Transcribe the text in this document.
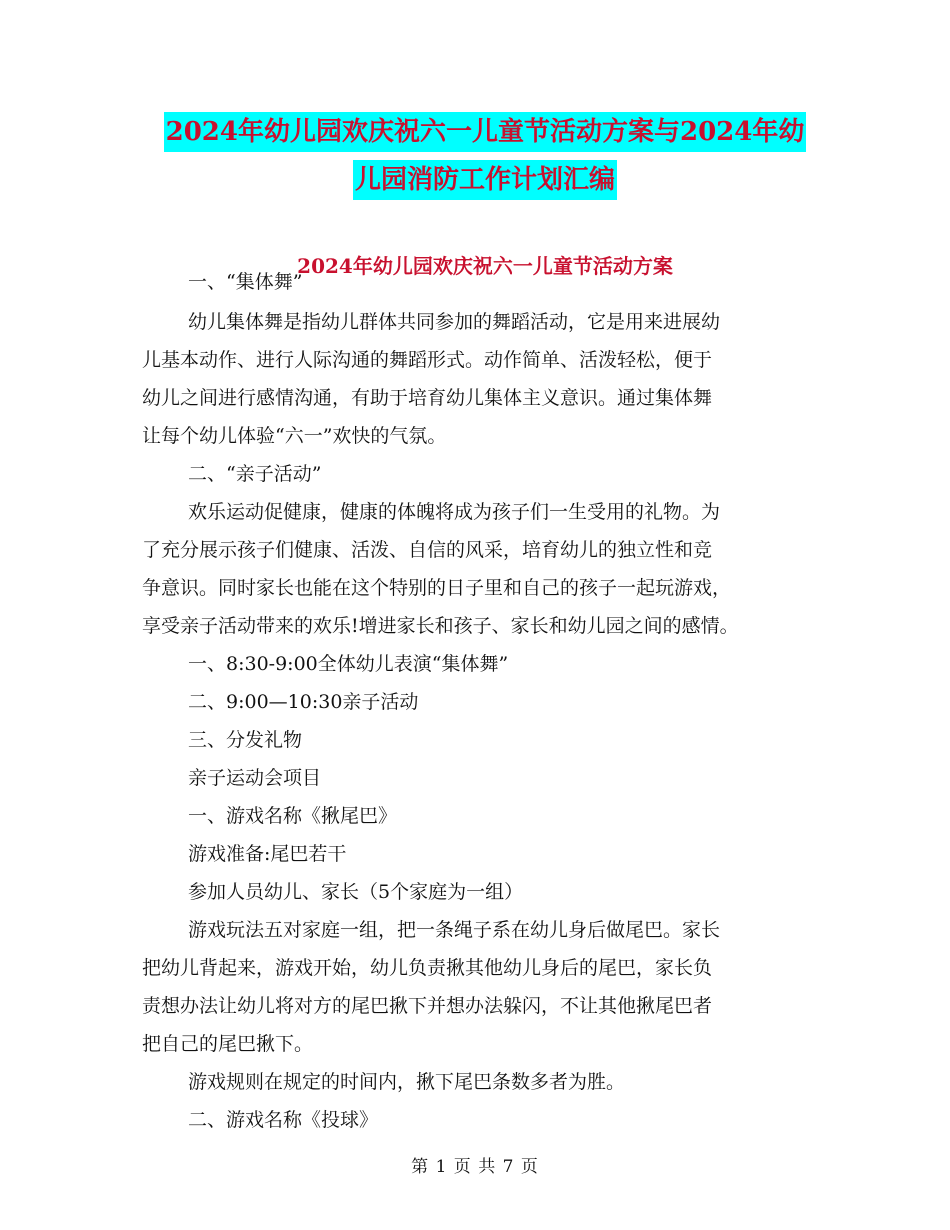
2024年幼儿园欢庆祝六一儿童节活动方案与2024年幼
儿园消防工作计划汇编
2024年幼儿园欢庆祝六一儿童节活动方案
一、“集体舞”
幼儿集体舞是指幼儿群体共同参加的舞蹈活动，它是用来进展幼
儿基本动作、进行人际沟通的舞蹈形式。动作简单、活泼轻松，便于
幼儿之间进行感情沟通，有助于培育幼儿集体主义意识。通过集体舞
让每个幼儿体验“六一”欢快的气氛。
二、“亲子活动”
欢乐运动促健康，健康的体魄将成为孩子们一生受用的礼物。为
了充分展示孩子们健康、活泼、自信的风采，培育幼儿的独立性和竞
争意识。同时家长也能在这个特别的日子里和自己的孩子一起玩游戏，
享受亲子活动带来的欢乐!增进家长和孩子、家长和幼儿园之间的感情。
一、8:30-9:00全体幼儿表演“集体舞”
二、9:00—10:30亲子活动
三、分发礼物
亲子运动会项目
一、游戏名称《揪尾巴》
游戏准备:尾巴若干
参加人员幼儿、家长（5个家庭为一组）
游戏玩法五对家庭一组，把一条绳子系在幼儿身后做尾巴。家长
把幼儿背起来，游戏开始，幼儿负责揪其他幼儿身后的尾巴，家长负
责想办法让幼儿将对方的尾巴揪下并想办法躲闪，不让其他揪尾巴者
把自己的尾巴揪下。
游戏规则在规定的时间内，揪下尾巴条数多者为胜。
二、游戏名称《投球》
第 1 页 共 7 页
